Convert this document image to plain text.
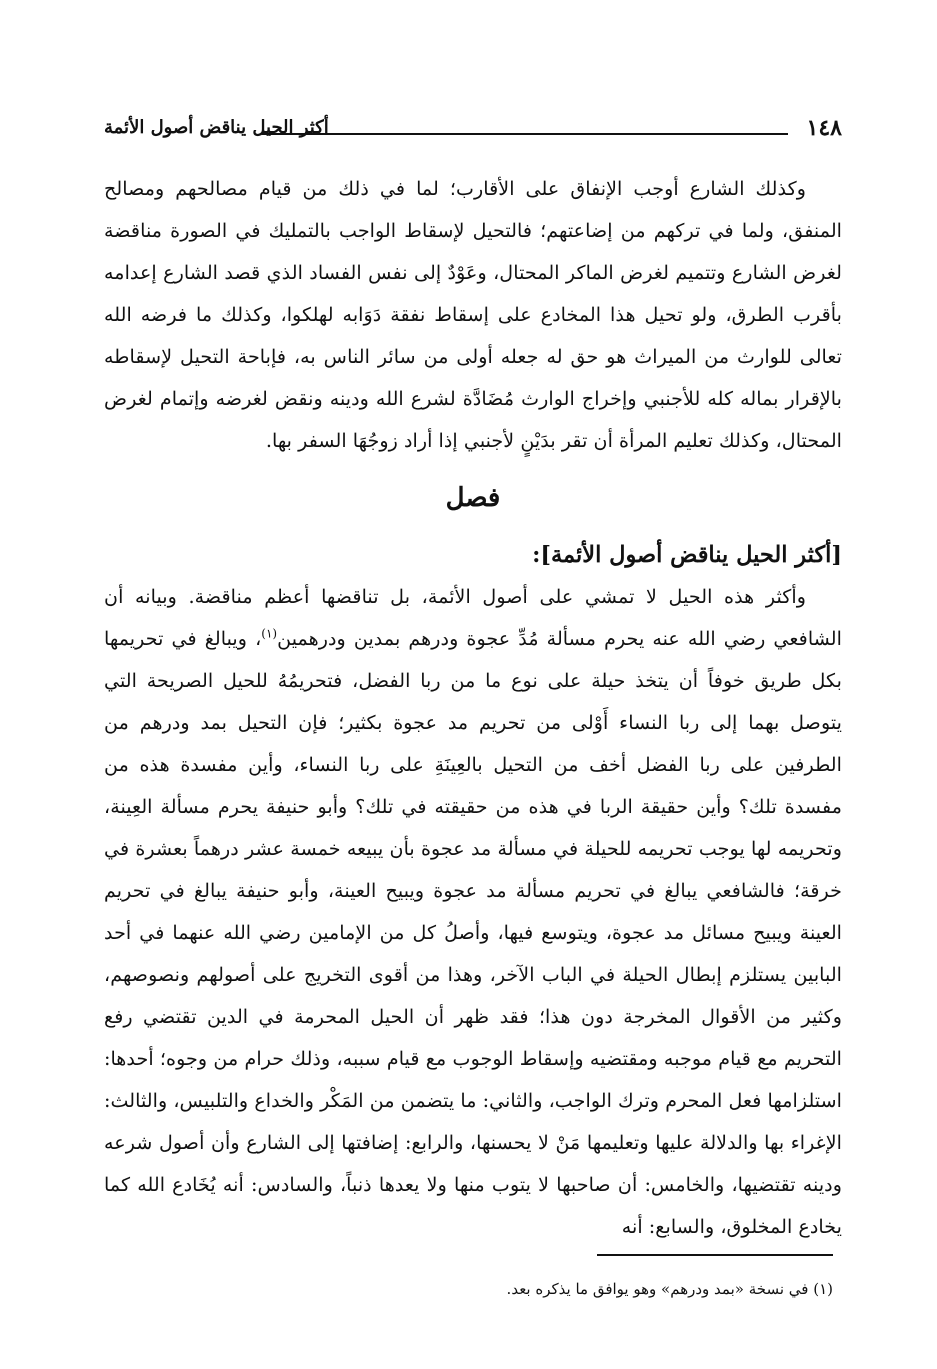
١٤٨
أكثر الحيل يناقض أصول الأئمة

وكذلك الشارع أوجب الإنفاق على الأقارب؛ لما في ذلك من قيام مصالحهم ومصالح المنفق، ولما في تركهم من إضاعتهم؛ فالتحيل لإسقاط الواجب بالتمليك في الصورة مناقضة لغرض الشارع وتتميم لغرض الماكر المحتال، وعَوْدٌ إلى نفس الفساد الذي قصد الشارع إعدامه بأقرب الطرق، ولو تحيل هذا المخادع على إسقاط نفقة دَوَابه لهلكوا، وكذلك ما فرضه الله تعالى للوارث من الميراث هو حق له جعله أولى من سائر الناس به، فإباحة التحيل لإسقاطه بالإقرار بماله كله للأجنبي وإخراج الوارث مُضَادَّة لشرع الله ودينه ونقض لغرضه وإتمام لغرض المحتال، وكذلك تعليم المرأة أن تقر بدَيْنٍ لأجنبي إذا أراد زوجُهَا السفر بها.

فصل
[أكثر الحيل يناقض أصول الأئمة]:

وأكثر هذه الحيل لا تمشي على أصول الأئمة، بل تناقضها أعظم مناقضة. وبيانه أن الشافعي رضي الله عنه يحرم مسألة مُدِّ عجوة ودرهم بمدين ودرهمين$^{(١)}$، ويبالغ في تحريمها بكل طريق خوفاً أن يتخذ حيلة على نوع ما من ربا الفضل، فتحريمُهُ للحيل الصريحة التي يتوصل بهما إلى ربا النساء أَوْلى من تحريم مد عجوة بكثير؛ فإن التحيل بمد ودرهم من الطرفين على ربا الفضل أخف من التحيل بالعِينَةِ على ربا النساء، وأين مفسدة هذه من مفسدة تلك؟ وأين حقيقة الربا في هذه من حقيقته في تلك؟ وأبو حنيفة يحرم مسألة العِينة، وتحريمه لها يوجب تحريمه للحيلة في مسألة مد عجوة بأن يبيعه خمسة عشر درهماً بعشرة في خرقة؛ فالشافعي يبالغ في تحريم مسألة مد عجوة ويبيح العينة، وأبو حنيفة يبالغ في تحريم العينة ويبيح مسائل مد عجوة، ويتوسع فيها، وأصلُ كل من الإمامين رضي الله عنهما في أحد البابين يستلزم إبطال الحيلة في الباب الآخر، وهذا من أقوى التخريج على أصولهم ونصوصهم، وكثير من الأقوال المخرجة دون هذا؛ فقد ظهر أن الحيل المحرمة في الدين تقتضي رفع التحريم مع قيام موجبه ومقتضيه وإسقاط الوجوب مع قيام سببه، وذلك حرام من وجوه؛ أحدها: استلزامها فعل المحرم وترك الواجب، والثاني: ما يتضمن من المَكْر والخداع والتلبيس، والثالث: الإغراء بها والدلالة عليها وتعليمها مَنْ لا يحسنها، والرابع: إضافتها إلى الشارع وأن أصول شرعه ودينه تقتضيها، والخامس: أن صاحبها لا يتوب منها ولا يعدها ذنباً، والسادس: أنه يُخَادع الله كما يخادع المخلوق، والسابع: أنه

(١) في نسخة «بمد ودرهم» وهو يوافق ما يذكره بعد.
